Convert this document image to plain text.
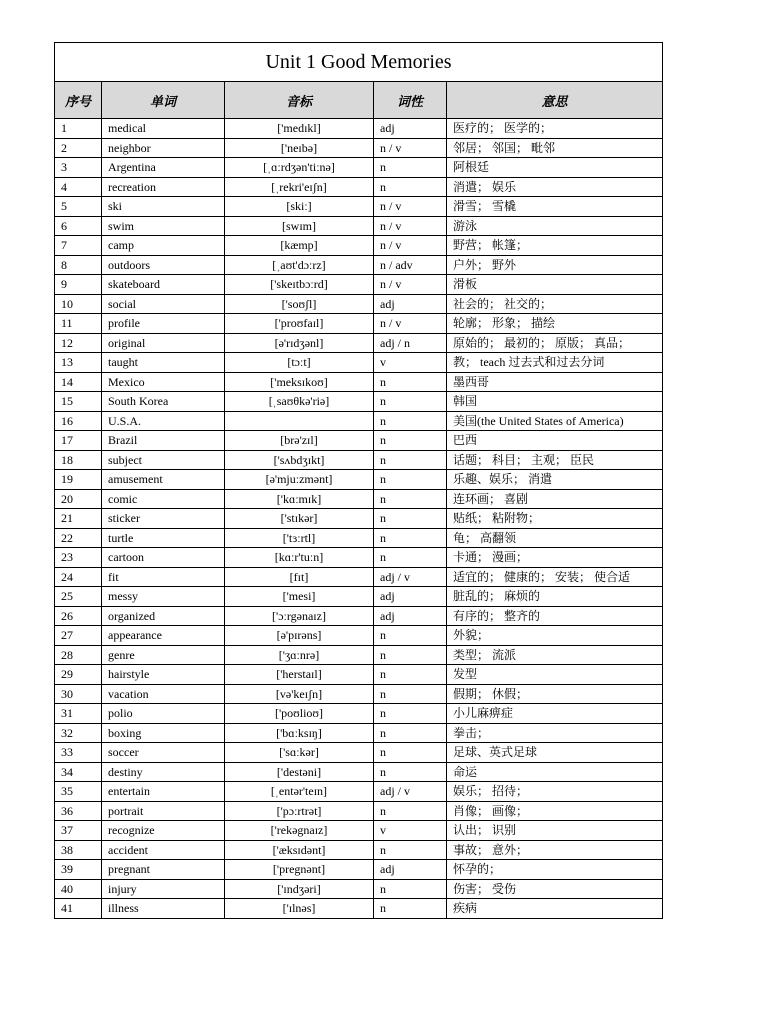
Unit 1 Good Memories				
序号	单词	音标	词性	意思
1	medical	['medɪkl]	adj	医疗的； 医学的；
2	neighbor	['neɪbə]	n / v	邻居； 邻国； 毗邻
3	Argentina	[ˌɑːrdʒən'tiːnə]	n	阿根廷
4	recreation	[ˌrekri'eɪʃn]	n	消遣； 娱乐
5	ski	[skiː]	n / v	滑雪； 雪橇
6	swim	[swɪm]	n / v	游泳
7	camp	[kæmp]	n / v	野营； 帐篷；
8	outdoors	[ˌaʊt'dɔːrz]	n / adv	户外； 野外
9	skateboard	['skeɪtbɔːrd]	n / v	滑板
10	social	['soʊʃl]	adj	社会的； 社交的；
11	profile	['proʊfaɪl]	n / v	轮廓； 形象； 描绘
12	original	[ə'rɪdʒənl]	adj / n	原始的； 最初的； 原版； 真品；
13	taught	[tɔːt]	v	教； teach 过去式和过去分词
14	Mexico	['meksɪkoʊ]	n	墨西哥
15	South Korea	[ˌsaʊθkə'riə]	n	韩国
16	U.S.A.		n	美国(the United States of America)
17	Brazil	[brə'zɪl]	n	巴西
18	subject	['sʌbdʒɪkt]	n	话题； 科目； 主观； 臣民
19	amusement	[ə'mjuːzmənt]	n	乐趣、娱乐； 消遣
20	comic	['kɑːmɪk]	n	连环画； 喜剧
21	sticker	['stɪkər]	n	贴纸； 粘附物；
22	turtle	['tɜːrtl]	n	龟； 高翻领
23	cartoon	[kɑːr'tuːn]	n	卡通； 漫画；
24	fit	[fɪt]	adj / v	适宜的； 健康的； 安装； 使合适
25	messy	['mesi]	adj	脏乱的； 麻烦的
26	organized	['ɔːrgənaɪz]	adj	有序的； 整齐的
27	appearance	[ə'pɪrəns]	n	外貌；
28	genre	['ʒɑːnrə]	n	类型； 流派
29	hairstyle	['herstaɪl]	n	发型
30	vacation	[və'keɪʃn]	n	假期； 休假；
31	polio	['poʊlioʊ]	n	小儿麻痹症
32	boxing	['bɑːksɪŋ]	n	拳击；
33	soccer	['sɑːkər]	n	足球、英式足球
34	destiny	['destəni]	n	命运
35	entertain	[ˌentər'teɪn]	adj / v	娱乐； 招待；
36	portrait	['pɔːrtrət]	n	肖像； 画像；
37	recognize	['rekəgnaɪz]	v	认出； 识别
38	accident	['æksɪdənt]	n	事故； 意外；
39	pregnant	['pregnənt]	adj	怀孕的；
40	injury	['ɪndʒəri]	n	伤害； 受伤
41	illness	['ɪlnəs]	n	疾病
